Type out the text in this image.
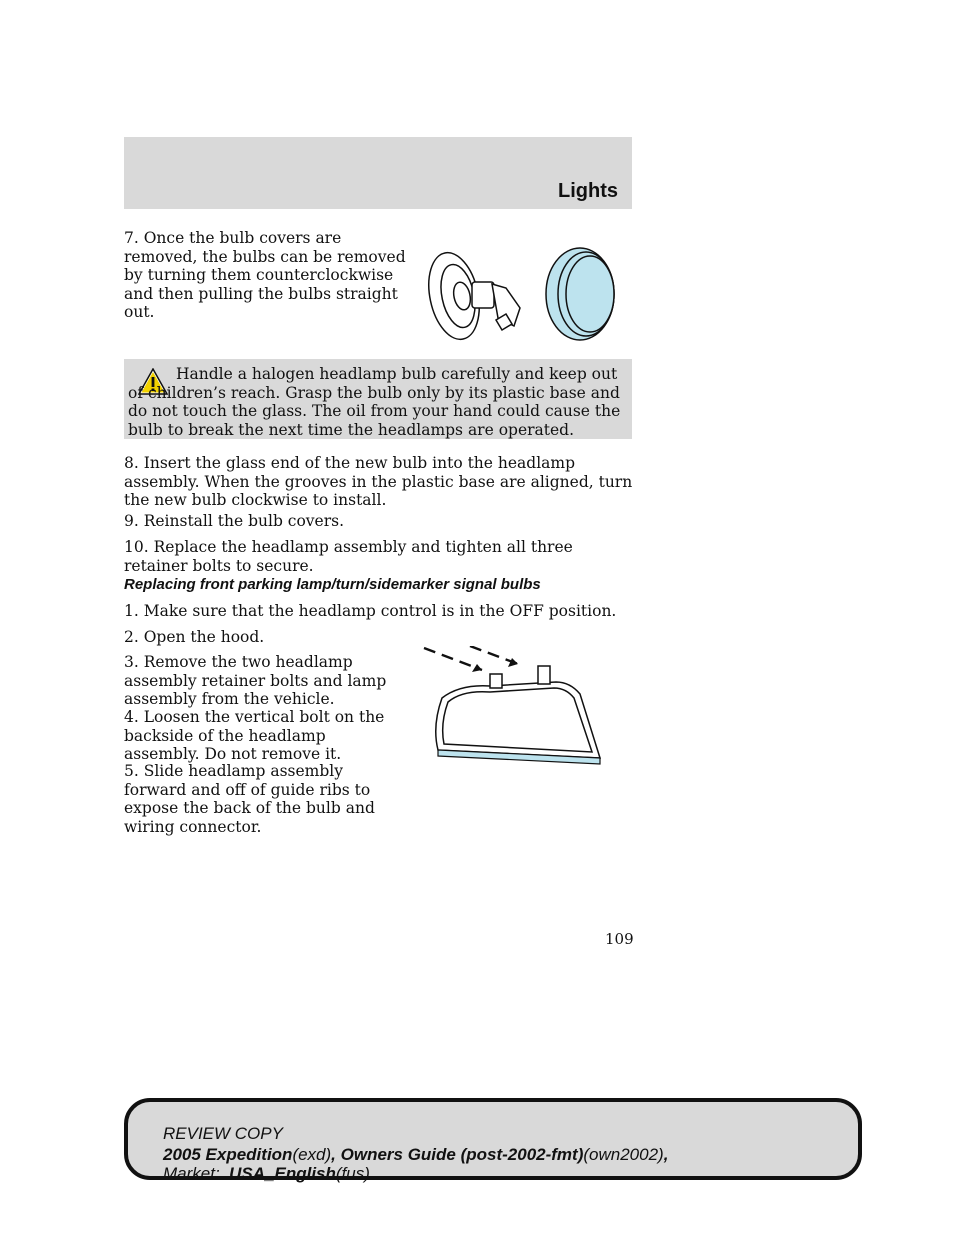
Lights

7. Once the bulb covers are removed, the bulbs can be removed by turning them counterclockwise and then pulling the bulbs straight out.

Handle a halogen headlamp bulb carefully and keep out of children’s reach. Grasp the bulb only by its plastic base and do not touch the glass. The oil from your hand could cause the bulb to break the next time the headlamps are operated.

8. Insert the glass end of the new bulb into the headlamp assembly. When the grooves in the plastic base are aligned, turn the new bulb clockwise to install.

9. Reinstall the bulb covers.

10. Replace the headlamp assembly and tighten all three retainer bolts to secure.

Replacing front parking lamp/turn/sidemarker signal bulbs

1. Make sure that the headlamp control is in the OFF position.

2. Open the hood.

3. Remove the two headlamp assembly retainer bolts and lamp assembly from the vehicle.

4. Loosen the vertical bolt on the backside of the headlamp assembly. Do not remove it.

5. Slide headlamp assembly forward and off of guide ribs to expose the back of the bulb and wiring connector.

109

REVIEW COPY

2005 Expedition(exd), Owners Guide (post-2002-fmt)(own2002),

Market: USA_English(fus)
